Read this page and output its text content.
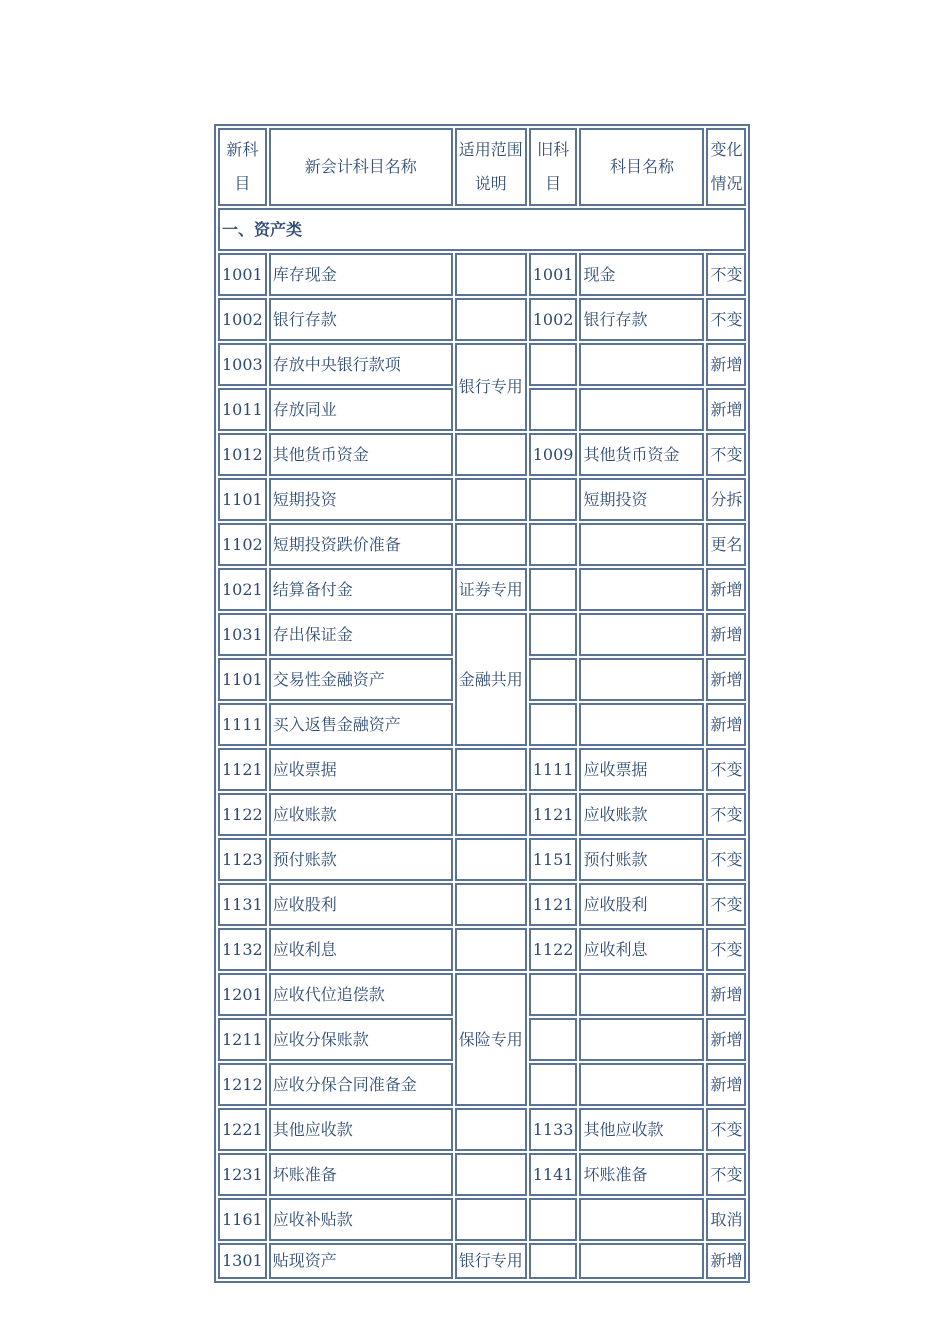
新科目	新会计科目名称	适用范围说明	旧科目	科目名称	变化情况
一、资产类					
1001	库存现金		1001	现金	不变
1002	银行存款		1002	银行存款	不变
1003	存放中央银行款项	银行专用			新增
1011	存放同业				新增
1012	其他货币资金		1009	其他货币资金	不变
1101	短期投资			短期投资	分拆
1102	短期投资跌价准备				更名
1021	结算备付金	证券专用			新增
1031	存出保证金	金融共用			新增
1101	交易性金融资产				新增
1111	买入返售金融资产				新增
1121	应收票据		1111	应收票据	不变
1122	应收账款		1121	应收账款	不变
1123	预付账款		1151	预付账款	不变
1131	应收股利		1121	应收股利	不变
1132	应收利息		1122	应收利息	不变
1201	应收代位追偿款	保险专用			新增
1211	应收分保账款				新增
1212	应收分保合同准备金				新增
1221	其他应收款		1133	其他应收款	不变
1231	坏账准备		1141	坏账准备	不变
1161	应收补贴款				取消
1301	贴现资产	银行专用			新增
